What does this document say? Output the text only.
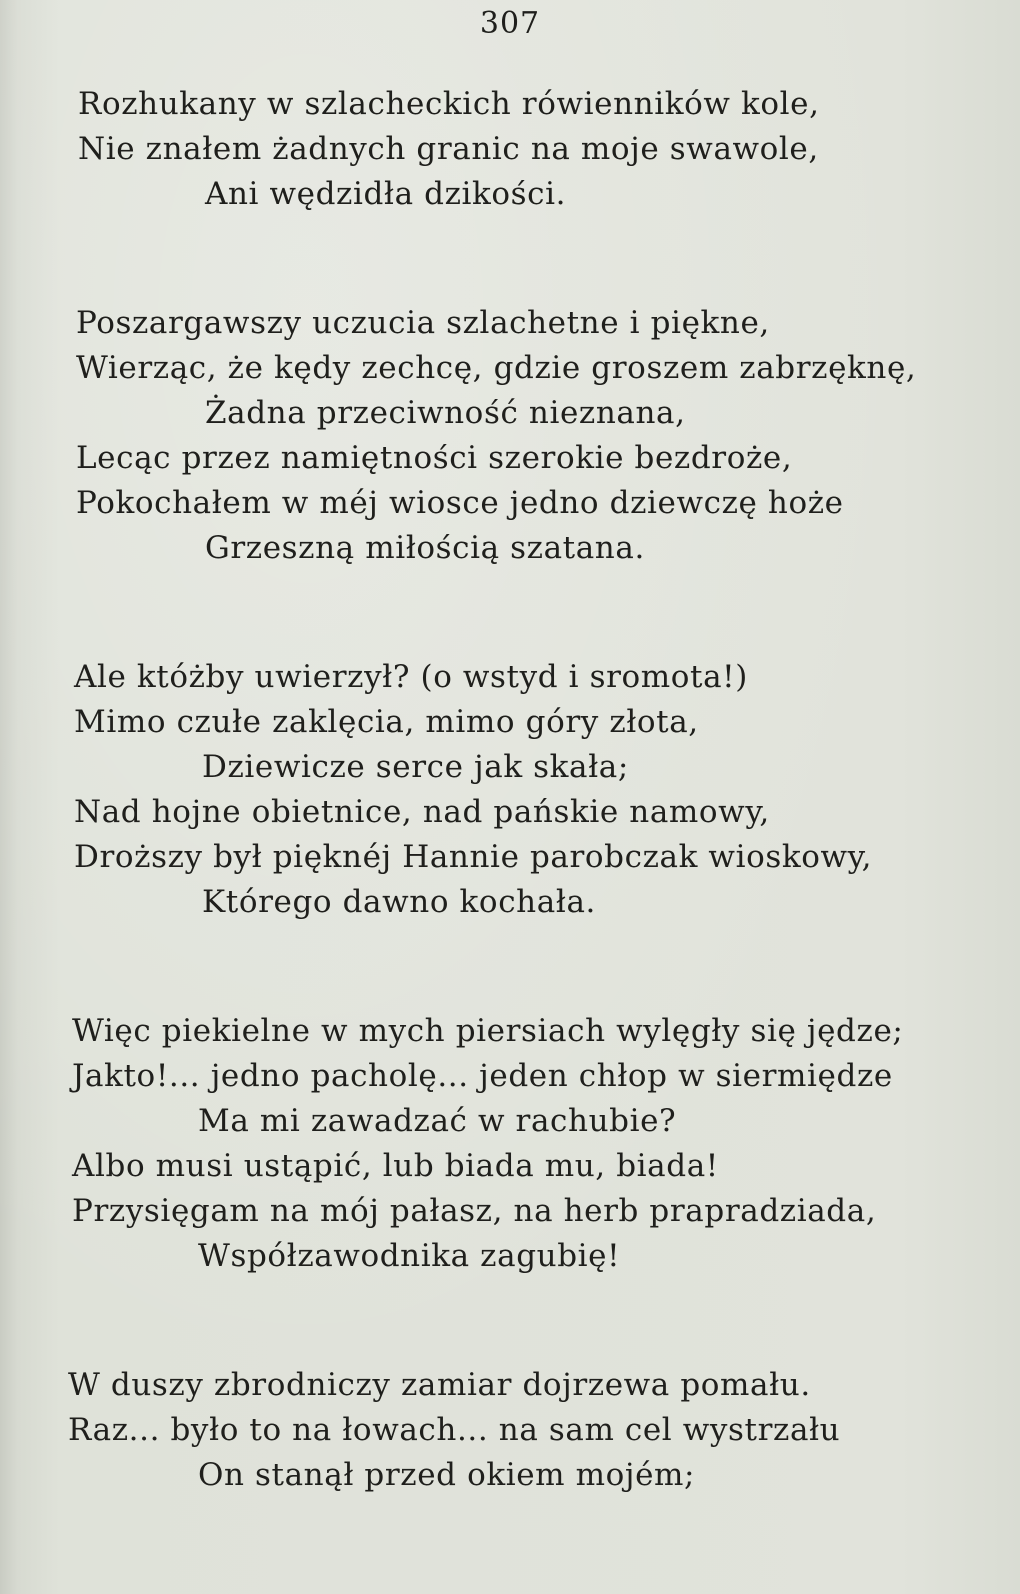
307
Rozhukany w szlacheckich rówienników kole,
Nie znałem żadnych granic na moje swawole,
Ani wędzidła dzikości.
Poszargawszy uczucia szlachetne i piękne,
Wierząc, że kędy zechcę, gdzie groszem zabrzęknę,
Żadna przeciwność nieznana,
Lecąc przez namiętności szerokie bezdroże,
Pokochałem w méj wiosce jedno dziewczę hoże
Grzeszną miłością szatana.
Ale któżby uwierzył? (o wstyd i sromota!)
Mimo czułe zaklęcia, mimo góry złota,
Dziewicze serce jak skała;
Nad hojne obietnice, nad pańskie namowy,
Droższy był pięknéj Hannie parobczak wioskowy,
Którego dawno kochała.
Więc piekielne w mych piersiach wylęgły się jędze;
Jakto!... jedno pacholę... jeden chłop w siermiędze
Ma mi zawadzać w rachubie?
Albo musi ustąpić, lub biada mu, biada!
Przysięgam na mój pałasz, na herb prapradziada,
Współzawodnika zagubię!
W duszy zbrodniczy zamiar dojrzewa pomału.
Raz... było to na łowach... na sam cel wystrzału
On stanął przed okiem mojém;
